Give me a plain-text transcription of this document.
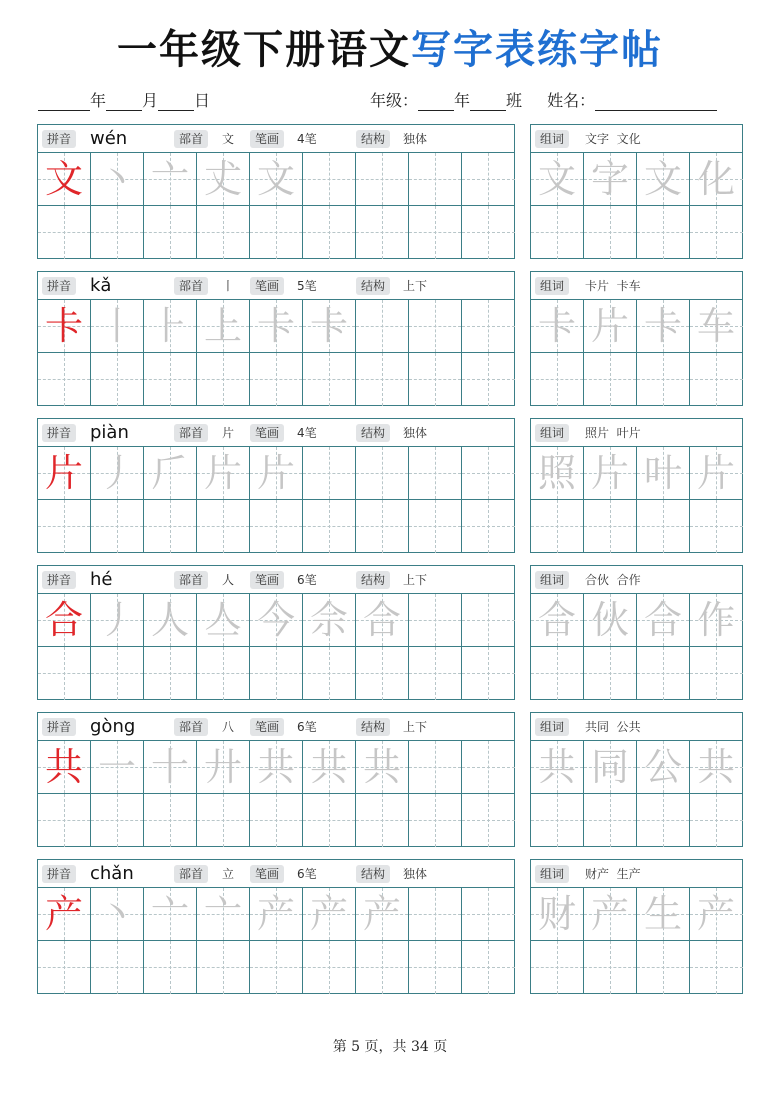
一年级下册语文写字表练字帖
年 月 日	年级： 年 班 姓名：
拼音 wén	部首	文	笔画	4笔	结构	独体
文 丶 亠 𠀋 文
组词	文字  文化
文 字 文 化
拼音 kǎ	部首	丨	笔画	5笔	结构	上下
卡 丨 ⺊ 上 卡 卡
组词	卡片  卡车
卡 片 卡 车
拼音 piàn	部首	片	笔画	4笔	结构	独体
片 丿 𠂆 片 片
组词	照片  叶片
照 片 叶 片
拼音 hé	部首	人	笔画	6笔	结构	上下
合 丿 人 亼 今 佘 合
组词	合伙  合作
合 伙 合 作
拼音 gòng	部首	八	笔画	6笔	结构	上下
共 一 十 廾 共 共 共
组词	共同  公共
共 同 公 共
拼音 chǎn	部首	立	笔画	6笔	结构	独体
产 丶 亠 亠 产 产 产
组词	财产  生产
财 产 生 产
第 5 页，共 34 页
